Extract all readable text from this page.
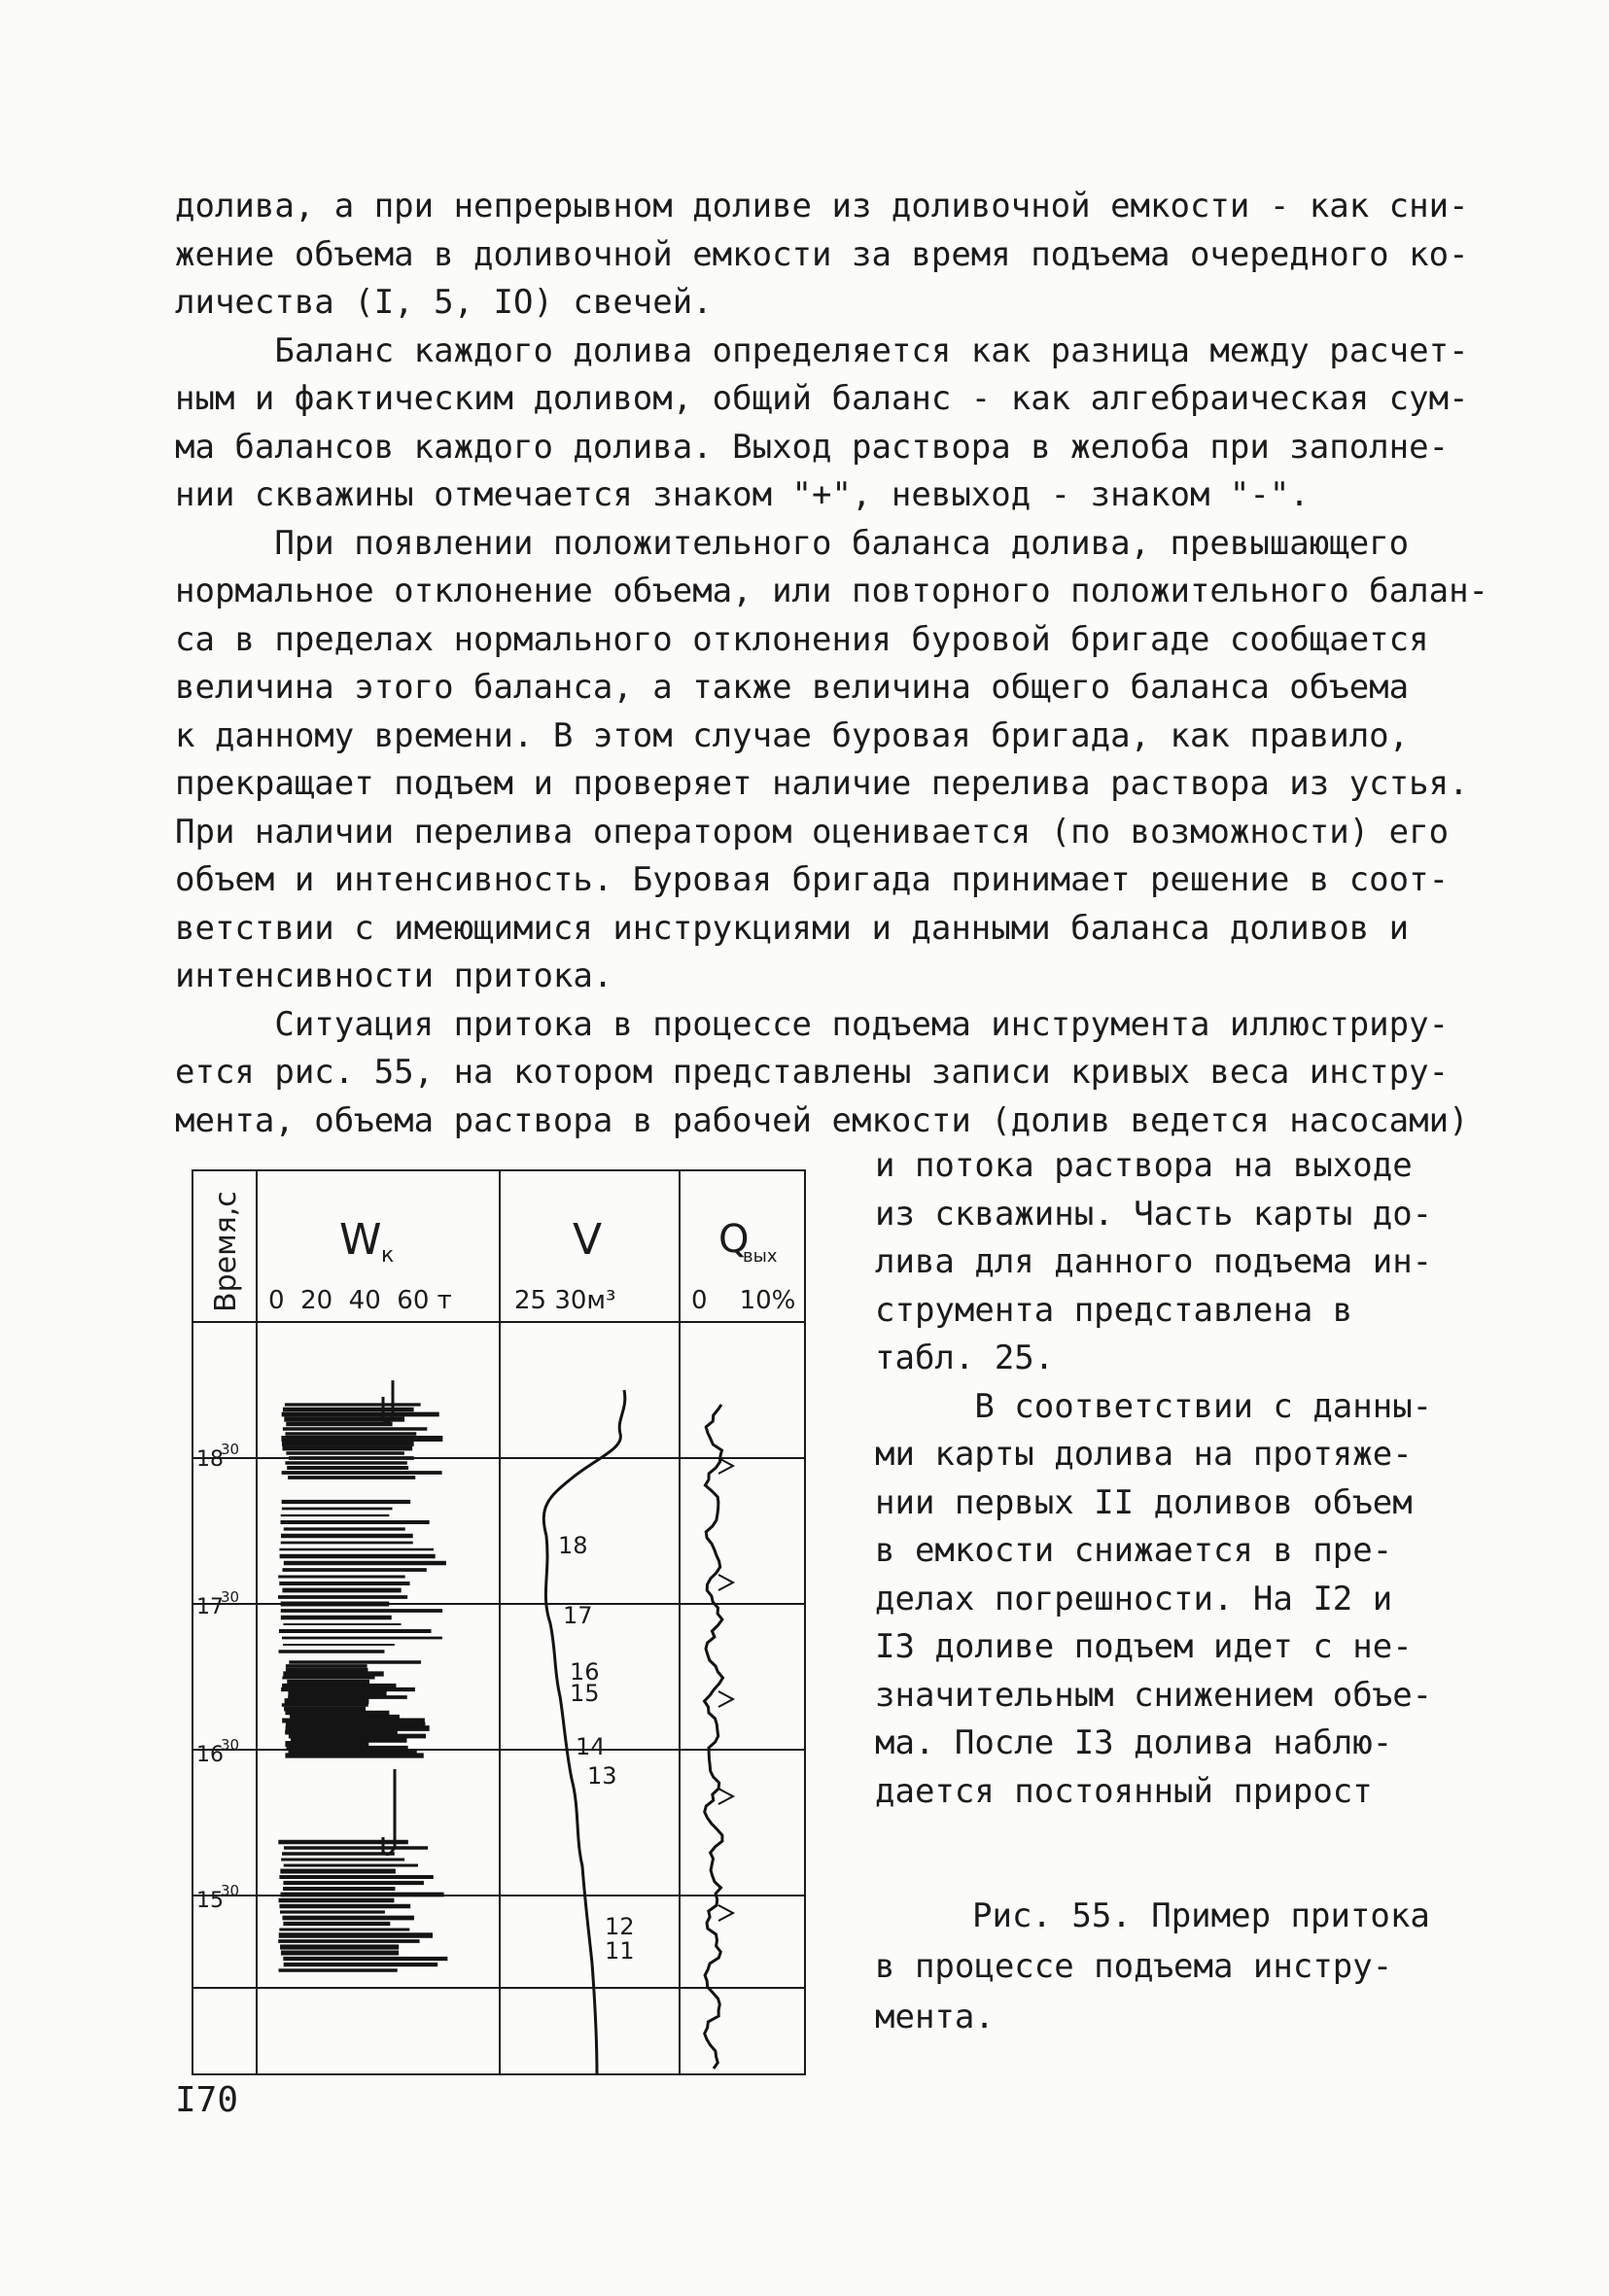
долива, а при непрерывном доливе из доливочной емкости - как сни-
жение объема в доливочной емкости за время подъема очередного ко-
личества (I, 5, IO) свечей.
Баланс каждого долива определяется как разница между расчет-
ным и фактическим доливом, общий баланс - как алгебраическая сум-
ма балансов каждого долива. Выход раствора в желоба при заполне-
нии скважины отмечается знаком "+", невыход - знаком "-".
При появлении положительного баланса долива, превышающего
нормальное отклонение объема, или повторного положительного балан-
са в пределах нормального отклонения буровой бригаде сообщается
величина этого баланса, а также величина общего баланса объема
к данному времени. В этом случае буровая бригада, как правило,
прекращает подъем и проверяет наличие перелива раствора из устья.
При наличии перелива оператором оценивается (по возможности) его
объем и интенсивность. Буровая бригада принимает решение в соот-
ветствии с имеющимися инструкциями и данными баланса доливов и
интенсивности притока.
Ситуация притока в процессе подъема инструмента иллюстриру-
ется рис. 55, на котором представлены записи кривых веса инстру-
мента, объема раствора в рабочей емкости (долив ведется насосами)
Время,с W к
0  20  40  60 т
V
25 30м³
Q
вых
0    10%
18
30
17
30
16
30
15
30
18
17
16
15
14
13
12
11
и потока раствора на выходе
из скважины. Часть карты до-
лива для данного подъема ин-
струмента представлена в
табл. 25.
В соответствии с данны-
ми карты долива на протяже-
нии первых II доливов объем
в емкости снижается в пре-
делах погрешности. На I2 и
I3 доливе подъем идет с не-
значительным снижением объе-
ма. После I3 долива наблю-
дается постоянный прирост
Рис. 55. Пример притока
в процессе подъема инстру-
мента.
I70
